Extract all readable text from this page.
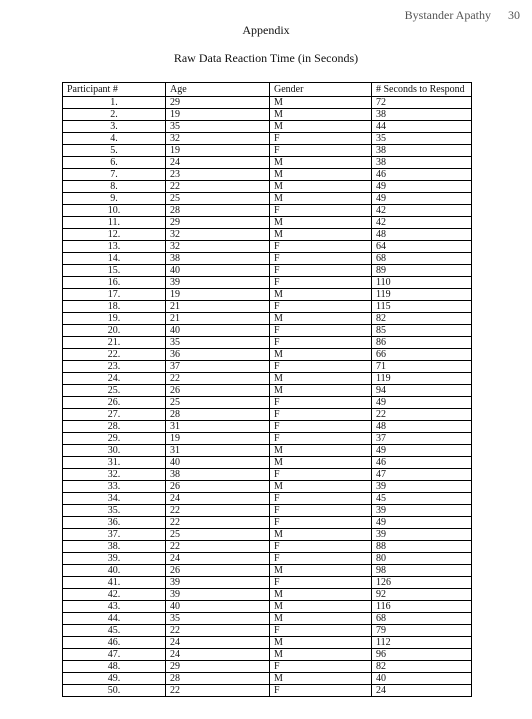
Bystander Apathy 30
Appendix
Raw Data Reaction Time (in Seconds)
Participant #	Age	Gender	# Seconds to Respond
1.	29	M	72
2.	19	M	38
3.	35	M	44
4.	32	F	35
5.	19	F	38
6.	24	M	38
7.	23	M	46
8.	22	M	49
9.	25	M	49
10.	28	F	42
11.	29	M	42
12.	32	M	48
13.	32	F	64
14.	38	F	68
15.	40	F	89
16.	39	F	110
17.	19	M	119
18.	21	F	115
19.	21	M	82
20.	40	F	85
21.	35	F	86
22.	36	M	66
23.	37	F	71
24.	22	M	119
25.	26	M	94
26.	25	F	49
27.	28	F	22
28.	31	F	48
29.	19	F	37
30.	31	M	49
31.	40	M	46
32.	38	F	47
33.	26	M	39
34.	24	F	45
35.	22	F	39
36.	22	F	49
37.	25	M	39
38.	22	F	88
39.	24	F	80
40.	26	M	98
41.	39	F	126
42.	39	M	92
43.	40	M	116
44.	35	M	68
45.	22	F	79
46.	24	M	112
47.	24	M	96
48.	29	F	82
49.	28	M	40
50.	22	F	24
